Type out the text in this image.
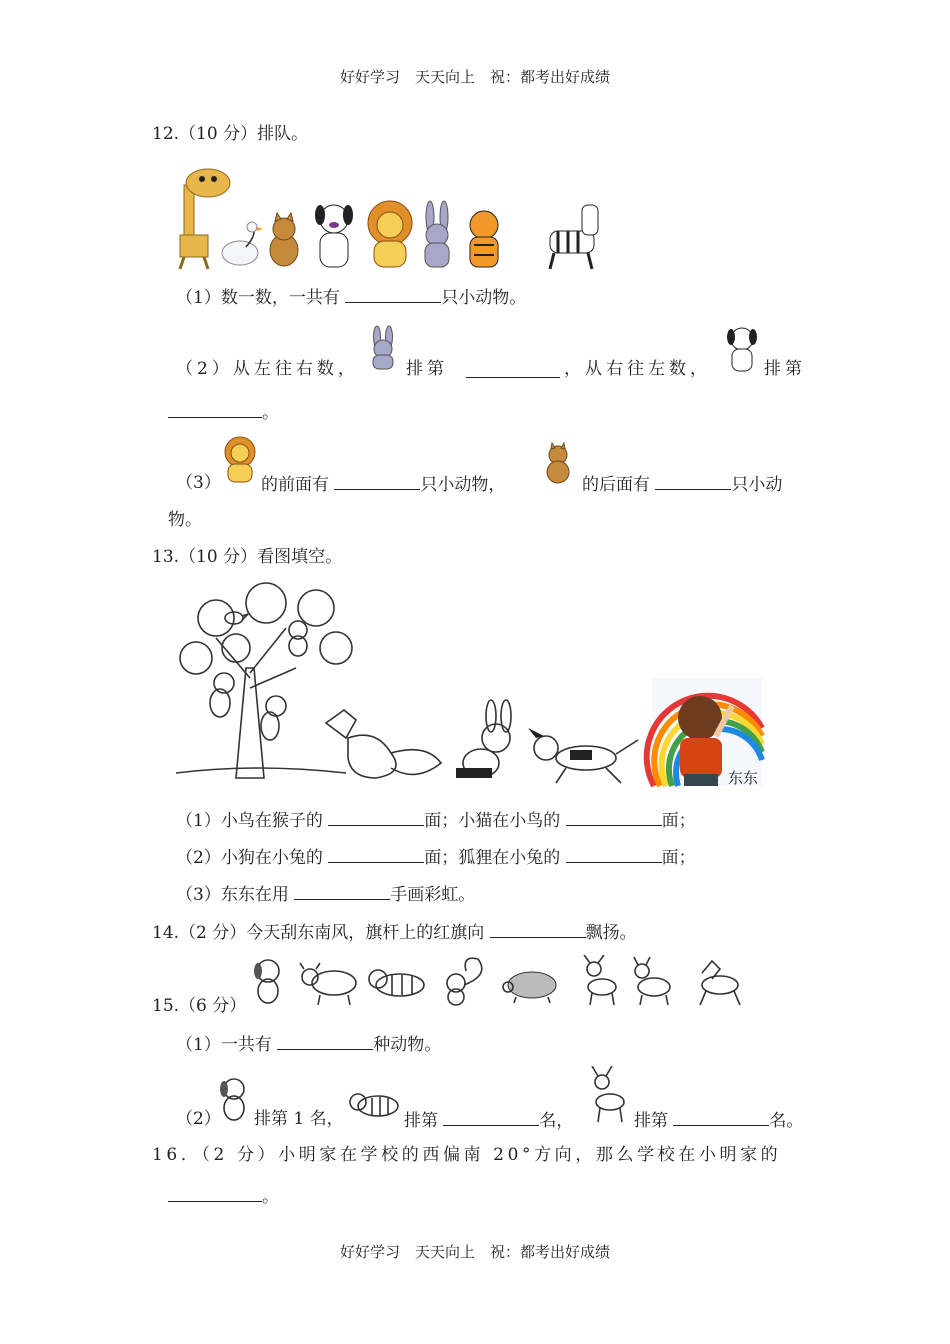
好好学习　天天向上　祝：都考出好成绩
12.（10 分）排队。
（1）数一数，一共有	只小动物。
（2）从左往右数，	排第	，从右往左数，	排第
。
（3） 的前面有	只小动物，	的后面有	只小动
物。
13.（10 分）看图填空。
东东
（1）小鸟在猴子的	面；小猫在小鸟的	面；
（2）小狗在小兔的	面；狐狸在小兔的	面；
（3）东东在用	手画彩虹。
14.（2 分）今天刮东南风，旗杆上的红旗向	飘扬。
15.（6 分）
（1）一共有	种动物。
（2） 排第 1 名，	排第	名，	排第	名。
16．（2 分）小明家在学校的西偏南 20°方向，那么学校在小明家的
。
好好学习　天天向上　祝：都考出好成绩
